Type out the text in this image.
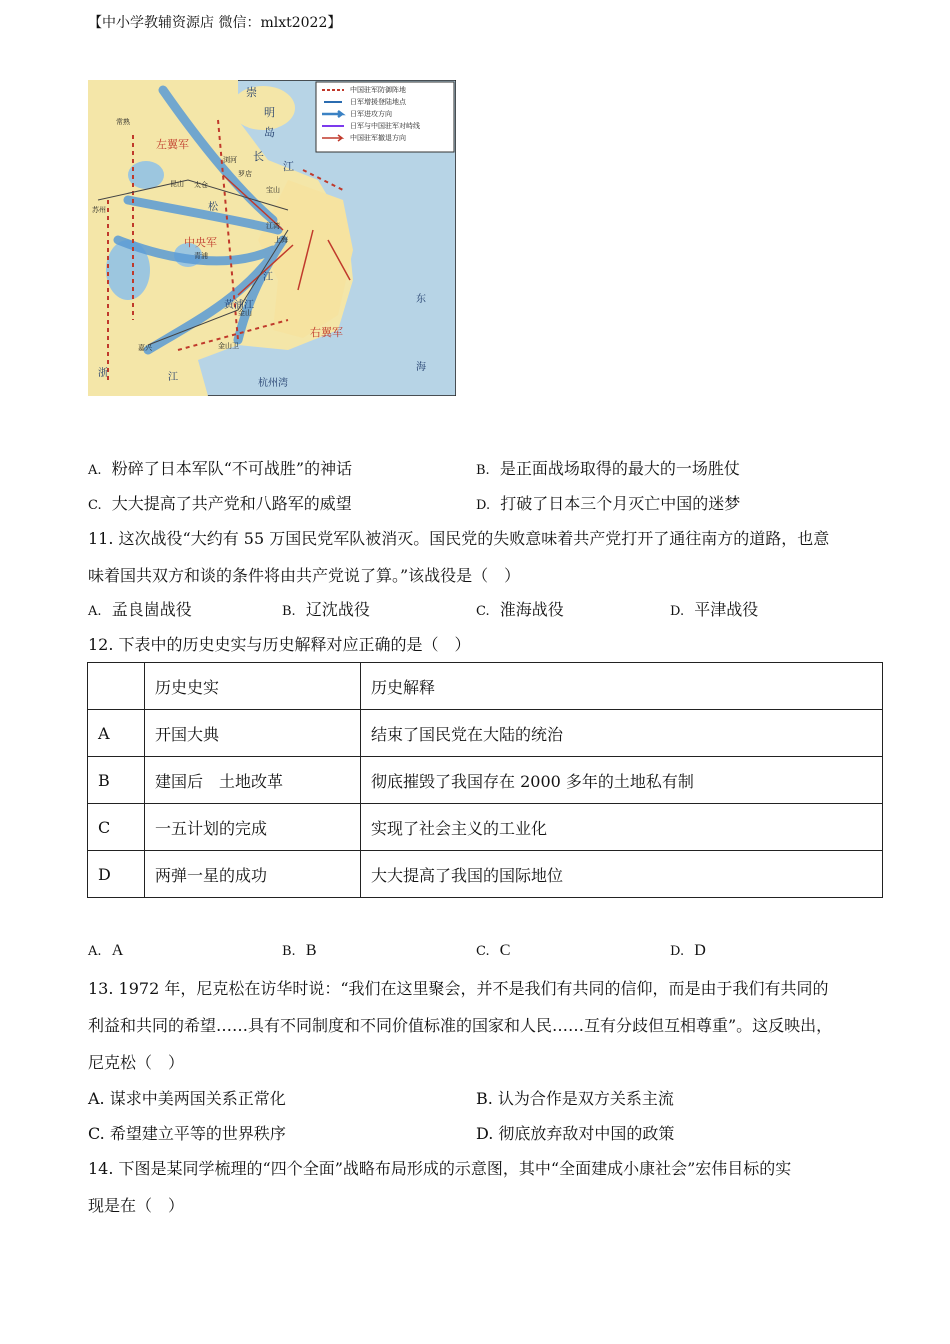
【中小学教辅资源店 微信：mlxt2022】
中国驻军防御阵地
日军增援登陆地点
日军进攻方向
日军与中国驻军对峙线
中国驻军撤退方向
崇
明
岛
长
江
浏河
常熟
太仓
罗店
昆山
宝山
江湾
上海
苏州
青浦
金山
金山卫
嘉兴
左翼军
中央军
右翼军
杭州湾
浙	江
东
海
黄浦江
松
江
A. 粉碎了日本军队“不可战胜”的神话	B. 是正面战场取得的最大的一场胜仗
C. 大大提高了共产党和八路军的威望	D. 打破了日本三个月灭亡中国的迷梦
11. 这次战役“大约有 55 万国民党军队被消灭。国民党的失败意味着共产党打开了通往南方的道路，也意
味着国共双方和谈的条件将由共产党说了算。”该战役是（　）
A. 孟良崮战役	B. 辽沈战役	C. 淮海战役	D. 平津战役
12. 下表中的历史史实与历史解释对应正确的是（　）
	历史史实	历史解释
A	开国大典	结束了国民党在大陆的统治
B	建国后　土地改革	彻底摧毁了我国存在 2000 多年的土地私有制
C	一五计划的完成	实现了社会主义的工业化
D	两弹一星的成功	大大提高了我国的国际地位
A. A	B. B	C. C	D. D
13. 1972 年，尼克松在访华时说：“我们在这里聚会，并不是我们有共同的信仰，而是由于我们有共同的
利益和共同的希望……具有不同制度和不同价值标准的国家和人民……互有分歧但互相尊重”。这反映出，
尼克松（　）
A. 谋求中美两国关系正常化	B. 认为合作是双方关系主流
C. 希望建立平等的世界秩序	D. 彻底放弃敌对中国的政策
14. 下图是某同学梳理的“四个全面”战略布局形成的示意图，其中“全面建成小康社会”宏伟目标的实
现是在（　）
